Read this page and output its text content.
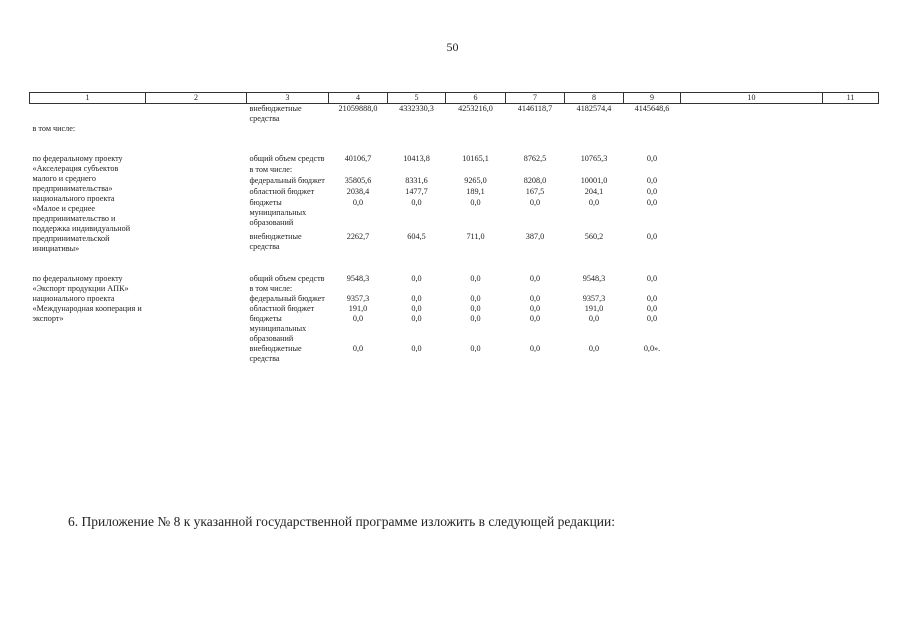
50
1	2	3	4	5	6	7	8	9	10	11
		внебюджетные средства	21059888,0	4332330,3	4253216,0	4146118,7	4182574,4	4145648,6		
в том числе:										

по федеральному проекту «Акселерация субъектов малого и среднего предпринимательства» национального проекта «Малое и среднее предпринимательство и поддержка индивидуальной предпринимательской инициативы»		общий объем средств	40106,7	10413,8	10165,1	8762,5	10765,3	0,0		
		в том числе:								
		федеральный бюджет	35805,6	8331,6	9265,0	8208,0	10001,0	0,0		
		областной бюджет	2038,4	1477,7	189,1	167,5	204,1	0,0		
		бюджеты муниципальных образований	0,0	0,0	0,0	0,0	0,0	0,0		
		внебюджетные средства	2262,7	604,5	711,0	387,0	560,2	0,0		

по федеральному проекту «Экспорт продукции АПК» национального проекта «Международная кооперация и экспорт»		общий объем средств	9548,3	0,0	0,0	0,0	9548,3	0,0		
		в том числе:								
		федеральный бюджет	9357,3	0,0	0,0	0,0	9357,3	0,0		
		областной бюджет	191,0	0,0	0,0	0,0	191,0	0,0		
		бюджеты муниципальных образований	0,0	0,0	0,0	0,0	0,0	0,0		
		внебюджетные средства	0,0	0,0	0,0	0,0	0,0	0,0».		
6. Приложение № 8 к указанной государственной программе изложить в следующей редакции:
